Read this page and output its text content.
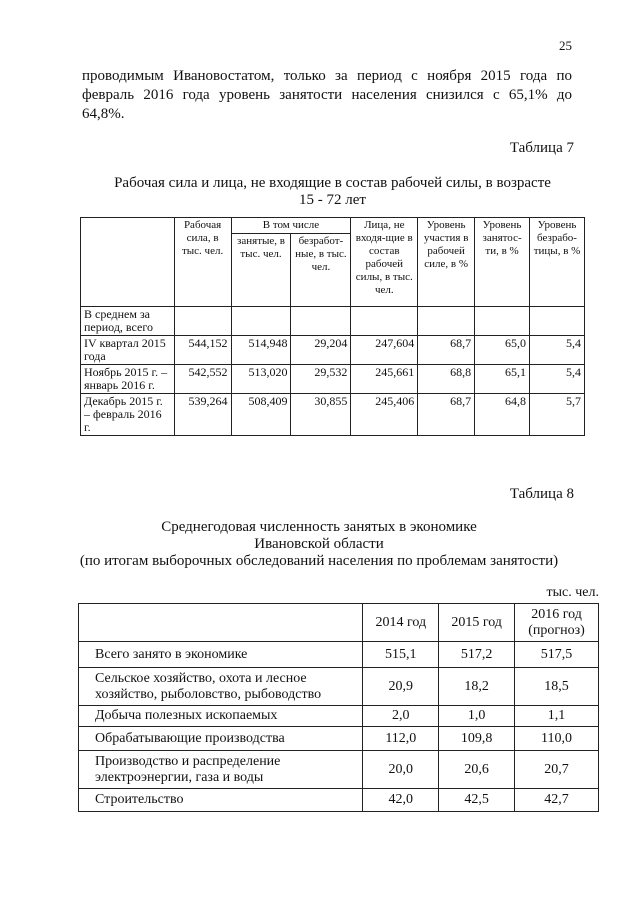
25
проводимым Ивановостатом, только за период с ноября 2015 года по
февраль 2016 года уровень занятости населения снизился с 65,1% до
64,8%.
Таблица 7
Рабочая сила и лица, не входящие в состав рабочей силы, в возрасте
15 - 72 лет
	Рабочая сила, в тыс. чел.	В том числе		Лица, не входя-щие в состав рабочей силы, в тыс. чел.	Уровень участия в рабочей силе, в %	Уровень занятос-ти, в %	Уровень безрабо-тицы, в %
		занятые, в тыс. чел.	безработ-ные, в тыс. чел.				
В среднем за период, всего							
IV квартал 2015 года	544,152	514,948	29,204	247,604	68,7	65,0	5,4
Ноябрь 2015 г. – январь 2016 г.	542,552	513,020	29,532	245,661	68,8	65,1	5,4
Декабрь 2015 г. – февраль 2016 г.	539,264	508,409	30,855	245,406	68,7	64,8	5,7
Таблица 8
Среднегодовая численность занятых в экономике
Ивановской области
(по итогам выборочных обследований населения по проблемам занятости)
тыс. чел.
	2014 год	2015 год	2016 год (прогноз)
Всего занято в экономике	515,1	517,2	517,5
Сельское хозяйство, охота и лесное хозяйство, рыболовство, рыбоводство	20,9	18,2	18,5
Добыча полезных ископаемых	2,0	1,0	1,1
Обрабатывающие производства	112,0	109,8	110,0
Производство и распределение электроэнергии, газа и воды	20,0	20,6	20,7
Строительство	42,0	42,5	42,7
